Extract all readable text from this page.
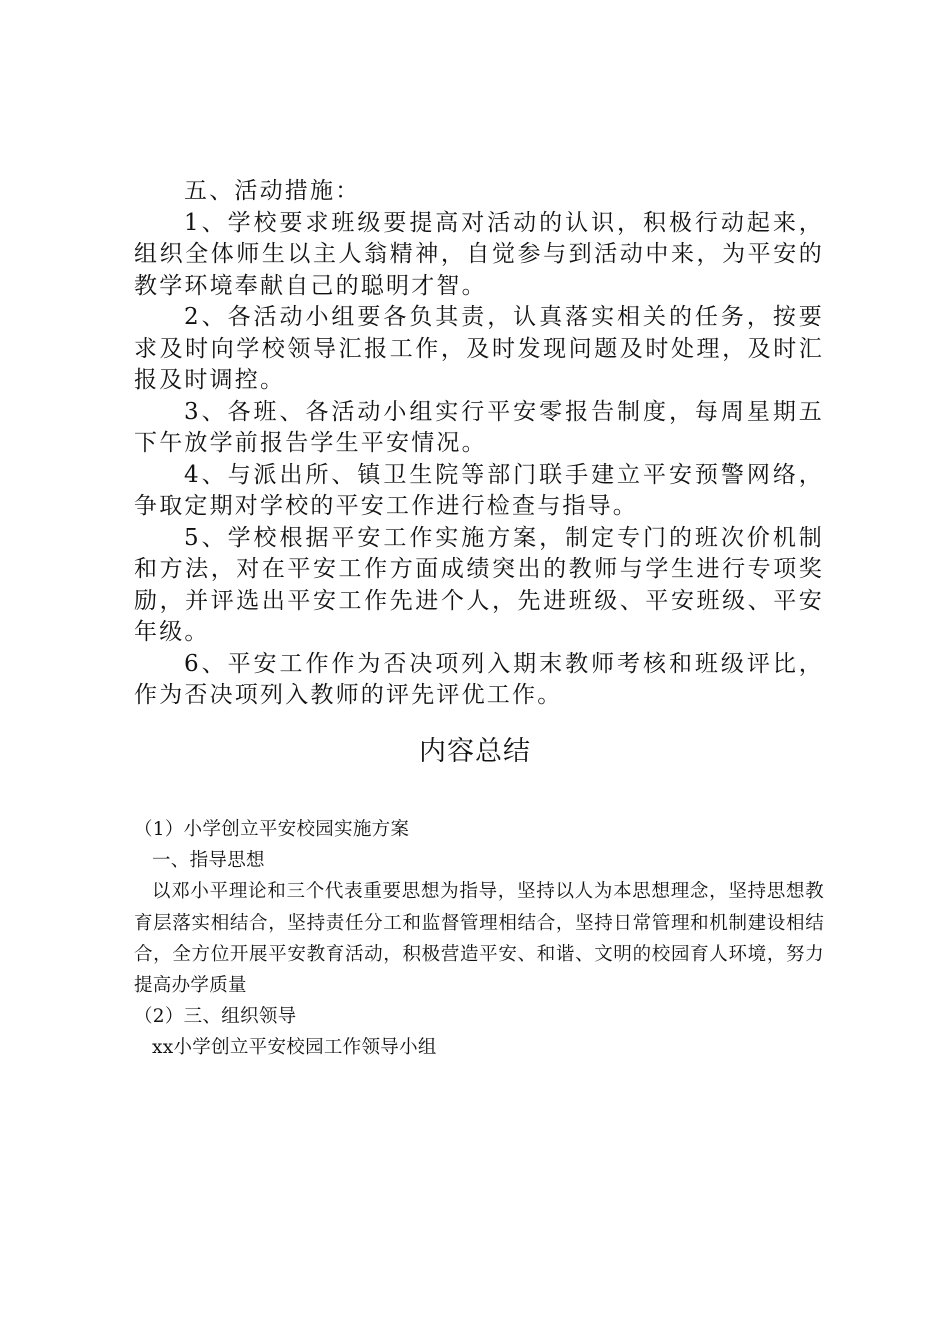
五、活动措施：

1、学校要求班级要提高对活动的认识，积极行动起来，组织全体师生以主人翁精神，自觉参与到活动中来，为平安的教学环境奉献自己的聪明才智。

2、各活动小组要各负其责，认真落实相关的任务，按要求及时向学校领导汇报工作，及时发现问题及时处理，及时汇报及时调控。

3、各班、各活动小组实行平安零报告制度，每周星期五下午放学前报告学生平安情况。

4、与派出所、镇卫生院等部门联手建立平安预警网络，争取定期对学校的平安工作进行检查与指导。

5、学校根据平安工作实施方案，制定专门的班次价机制和方法，对在平安工作方面成绩突出的教师与学生进行专项奖励，并评选出平安工作先进个人，先进班级、平安班级、平安年级。

6、平安工作作为否决项列入期末教师考核和班级评比，作为否决项列入教师的评先评优工作。

内容总结

（1）小学创立平安校园实施方案

一、指导思想

以邓小平理论和三个代表重要思想为指导，坚持以人为本思想理念，坚持思想教育层落实相结合，坚持责任分工和监督管理相结合，坚持日常管理和机制建设相结合，全方位开展平安教育活动，积极营造平安、和谐、文明的校园育人环境，努力提高办学质量

（2）三、组织领导

xx小学创立平安校园工作领导小组
